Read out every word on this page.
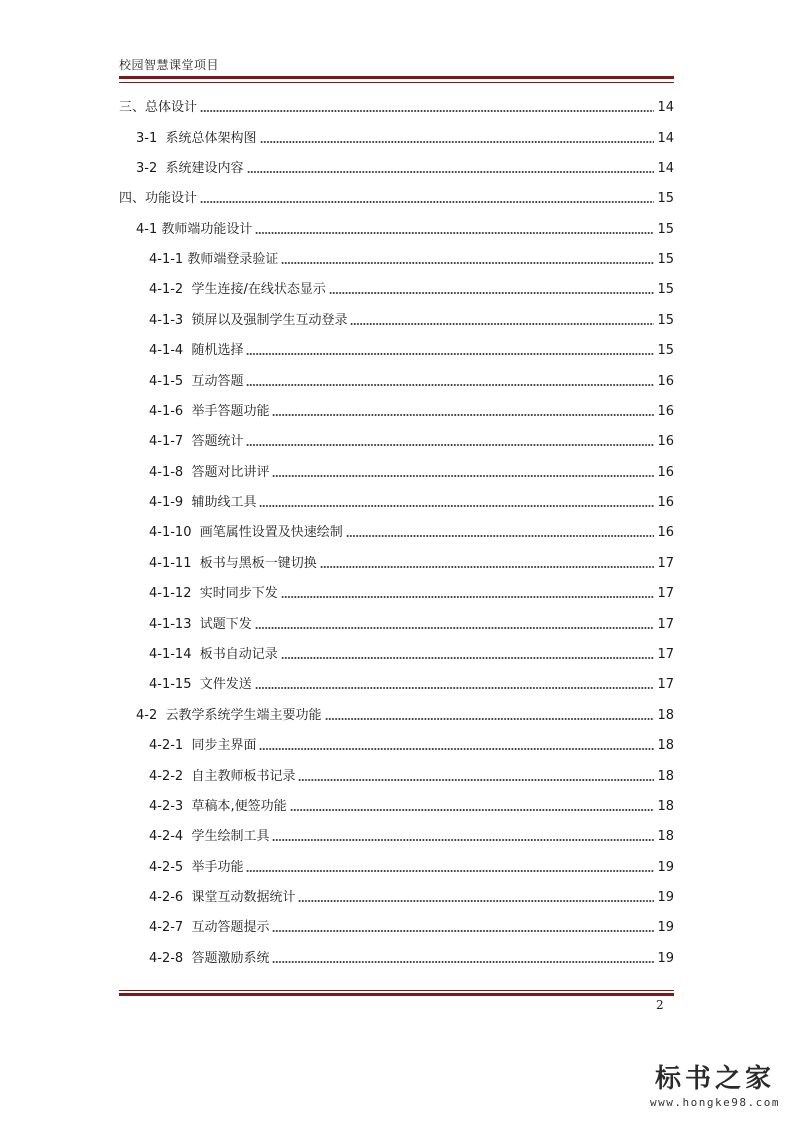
校园智慧课堂项目
三、总体设计	14
3-1  系统总体架构图	14
3-2  系统建设内容	14
四、功能设计	15
4-1 教师端功能设计	15
4-1-1 教师端登录验证	15
4-1-2  学生连接/在线状态显示	15
4-1-3  锁屏以及强制学生互动登录	15
4-1-4  随机选择	15
4-1-5  互动答题	16
4-1-6  举手答题功能	16
4-1-7  答题统计	16
4-1-8  答题对比讲评	16
4-1-9  辅助线工具	16
4-1-10  画笔属性设置及快速绘制	16
4-1-11  板书与黑板一键切换	17
4-1-12  实时同步下发	17
4-1-13  试题下发	17
4-1-14  板书自动记录	17
4-1-15  文件发送	17
4-2  云教学系统学生端主要功能	18
4-2-1  同步主界面	18
4-2-2  自主教师板书记录	18
4-2-3  草稿本,便签功能	18
4-2-4  学生绘制工具	18
4-2-5  举手功能	19
4-2-6  课堂互动数据统计	19
4-2-7  互动答题提示	19
4-2-8  答题激励系统	19
2
标书之家
www.hongke98.com
